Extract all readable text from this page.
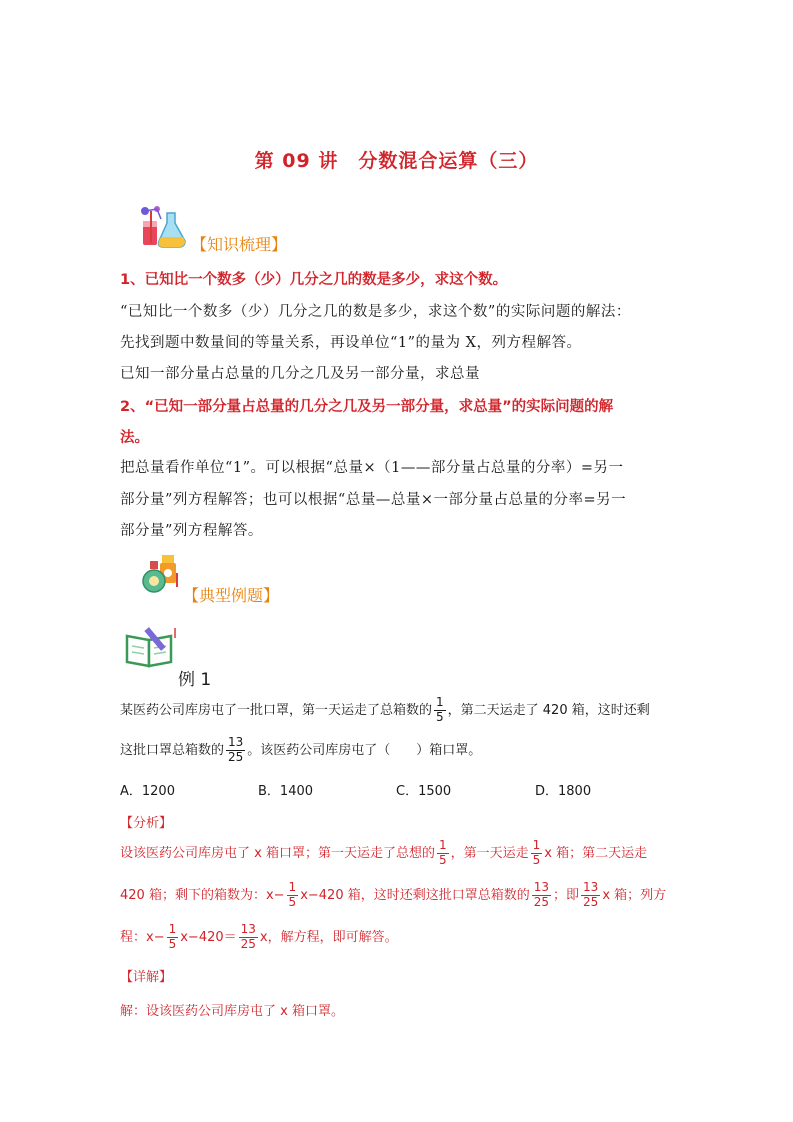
第 09 讲　分数混合运算（三）
【知识梳理】
1、已知比一个数多（少）几分之几的数是多少，求这个数。
“已知比一个数多（少）几分之几的数是多少，求这个数”的实际问题的解法：
先找到题中数量间的等量关系，再设单位“1”的量为 X，列方程解答。
已知一部分量占总量的几分之几及另一部分量，求总量
2、“已知一部分量占总量的几分之几及另一部分量，求总量”的实际问题的解
法。
把总量看作单位“1”。可以根据“总量×（1——部分量占总量的分率）=另一
部分量”列方程解答；也可以根据“总量—总量×一部分量占总量的分率=另一
部分量”列方程解答。
【典型例题】
例 1
某医药公司库房屯了一批口罩，第一天运走了总箱数的 $\frac{1}{5}$ ，第二天运走了 420 箱，这时还剩
这批口罩总箱数的 $\frac{13}{25}$ 。该医药公司库房屯了（　　）箱口罩。
A．1200	B．1400	C．1500	D．1800
【分析】
设该医药公司库房屯了 x 箱口罩；第一天运走了总想的 $\frac{1}{5}$ ，第一天运走 $\frac{1}{5}$ x 箱；第二天运走
420 箱；剩下的箱数为：$x- \frac{1}{5} x-420$ 箱，这时还剩这批口罩总箱数的 $\frac{13}{25}$ ；即 $\frac{13}{25}$ x 箱；列方
程：$x- \frac{1}{5} x-420= \frac{13}{25}$ x，解方程，即可解答。
【详解】
解：设该医药公司库房屯了 x 箱口罩。
